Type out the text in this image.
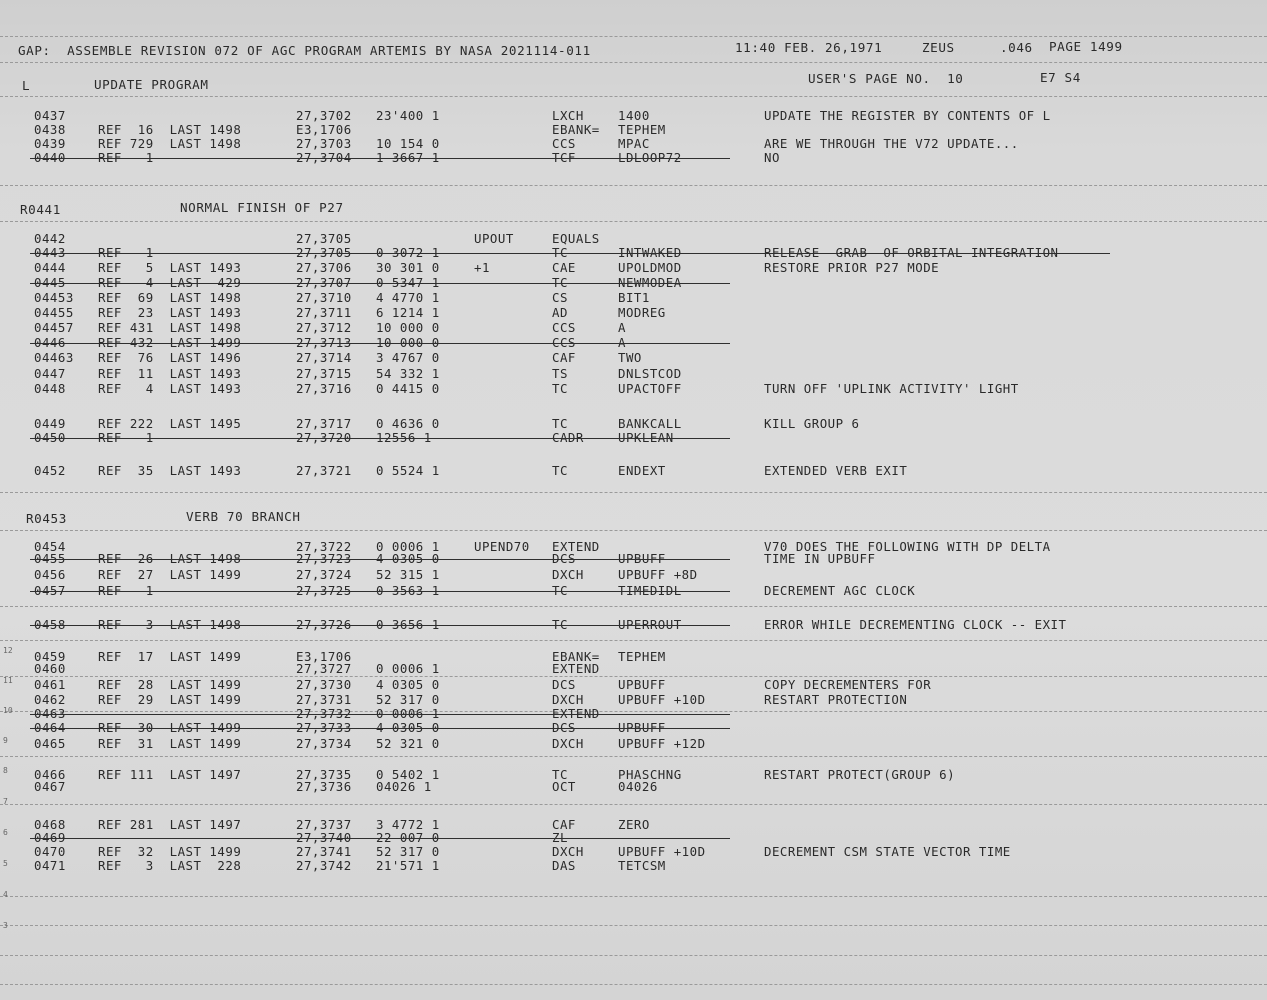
12
11
10
9
8
7
6
5
4
3
GAP:  ASSEMBLE REVISION 072 OF AGC PROGRAM ARTEMIS BY NASA 2021114-011	11:40 FEB. 26,1971	ZEUS	.046 PAGE 1499
L	UPDATE PROGRAM	USER'S PAGE NO.  10	E7 S4
R0441	NORMAL FINISH OF P27
R0453	VERB 70 BRANCH
0437	27,3702 23'400 1	LXCH	1400	UPDATE THE REGISTER BY CONTENTS OF L
0438	REF  16  LAST 1498	E3,1706	EBANK= TEPHEM
0439	REF 729  LAST 1498	27,3703 10 154 0	CCS	MPAC	ARE WE THROUGH THE V72 UPDATE...
0440	REF   1	27,3704 1 3667 1	TCF	LDLOOP72	NO
0442	27,3705	UPOUT	EQUALS
0443	REF   1	27,3705 0 3072 1	TC	INTWAKED	RELEASE  GRAB  OF ORBITAL INTEGRATION
0444	REF   5  LAST 1493	27,3706 30 301 0	+1	CAE	UPOLDMOD	RESTORE PRIOR P27 MODE
0445	REF   4  LAST  429	27,3707 0 5347 1	TC	NEWMODEA
04453 REF  69  LAST 1498	27,3710 4 4770 1	CS	BIT1
04455 REF  23  LAST 1493	27,3711 6 1214 1	AD	MODREG
04457 REF 431  LAST 1498	27,3712 10 000 0	CCS	A
0446	REF 432  LAST 1499	27,3713 10 000 0	CCS	A
04463 REF  76  LAST 1496	27,3714 3 4767 0	CAF	TWO
0447	REF  11  LAST 1493	27,3715 54 332 1	TS	DNLSTCOD
0448	REF   4  LAST 1493	27,3716 0 4415 0	TC	UPACTOFF	TURN OFF 'UPLINK ACTIVITY' LIGHT
0449	REF 222  LAST 1495	27,3717 0 4636 0	TC	BANKCALL	KILL GROUP 6
0450	REF   1	27,3720 12556 1	CADR	UPKLEAN
0452	REF  35  LAST 1493	27,3721 0 5524 1	TC	ENDEXT	EXTENDED VERB EXIT
0454	27,3722 0 0006 1	UPEND70 EXTEND	V70 DOES THE FOLLOWING WITH DP DELTA
0455	REF  26  LAST 1498	27,3723 4 0305 0	DCS	UPBUFF	TIME IN UPBUFF
0456	REF  27  LAST 1499	27,3724 52 315 1	DXCH	UPBUFF +8D
0457	REF   1	27,3725 0 3563 1	TC	TIMEDIDL	DECREMENT AGC CLOCK
0458	REF   3  LAST 1498	27,3726 0 3656 1	TC	UPERROUT	ERROR WHILE DECREMENTING CLOCK -- EXIT
0459	REF  17  LAST 1499	E3,1706	EBANK= TEPHEM
0460	27,3727 0 0006 1	EXTEND
0461	REF  28  LAST 1499	27,3730 4 0305 0	DCS	UPBUFF	COPY DECREMENTERS FOR
0462	REF  29  LAST 1499	27,3731 52 317 0	DXCH	UPBUFF +10D	RESTART PROTECTION
0463	27,3732 0 0006 1	EXTEND
0464	REF  30  LAST 1499	27,3733 4 0305 0	DCS	UPBUFF
0465	REF  31  LAST 1499	27,3734 52 321 0	DXCH	UPBUFF +12D
0466	REF 111  LAST 1497	27,3735 0 5402 1	TC	PHASCHNG	RESTART PROTECT(GROUP 6)
0467	27,3736 04026 1	OCT	04026
0468	REF 281  LAST 1497	27,3737 3 4772 1	CAF	ZERO
0469	27,3740 22 007 0	ZL
0470	REF  32  LAST 1499	27,3741 52 317 0	DXCH	UPBUFF +10D	DECREMENT CSM STATE VECTOR TIME
0471	REF   3  LAST  228	27,3742 21'571 1	DAS	TETCSM
